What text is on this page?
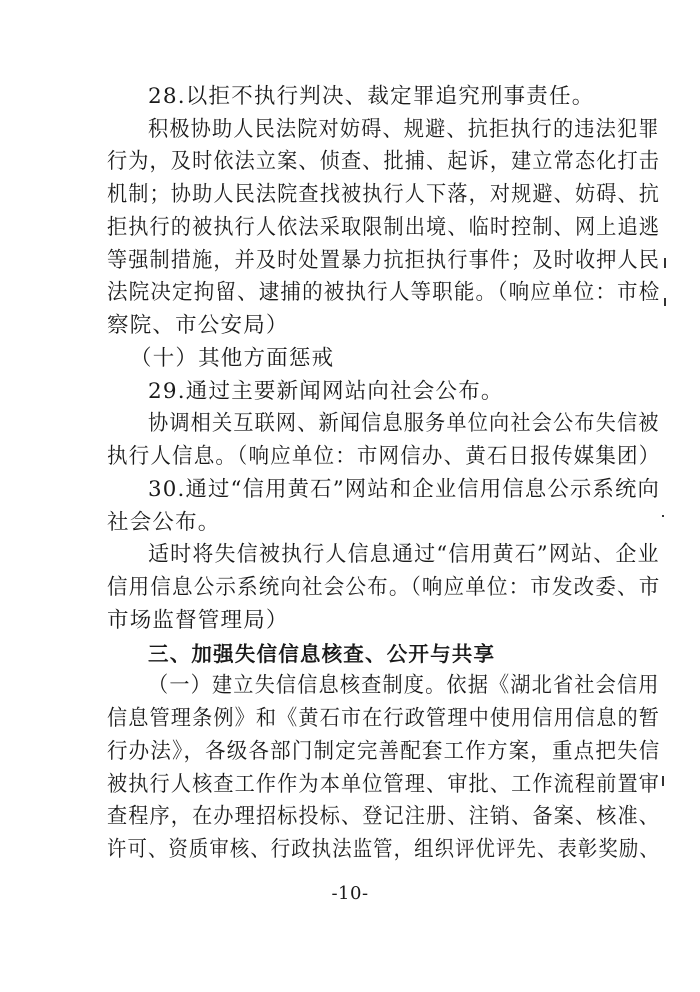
28.以拒不执行判决、裁定罪追究刑事责任。
积极协助人民法院对妨碍、规避、抗拒执行的违法犯罪
行为，及时依法立案、侦查、批捕、起诉，建立常态化打击
机制；协助人民法院查找被执行人下落，对规避、妨碍、抗
拒执行的被执行人依法采取限制出境、临时控制、网上追逃
等强制措施，并及时处置暴力抗拒执行事件；及时收押人民
法院决定拘留、逮捕的被执行人等职能。（响应单位：市检
察院、市公安局）
（十）其他方面惩戒
29.通过主要新闻网站向社会公布。
协调相关互联网、新闻信息服务单位向社会公布失信被
执行人信息。（响应单位：市网信办、黄石日报传媒集团）
30.通过“信用黄石”网站和企业信用信息公示系统向
社会公布。
适时将失信被执行人信息通过“信用黄石”网站、企业
信用信息公示系统向社会公布。（响应单位：市发改委、市
市场监督管理局）
三、加强失信信息核查、公开与共享
（一）建立失信信息核查制度。依据《湖北省社会信用
信息管理条例》和《黄石市在行政管理中使用信用信息的暂
行办法》，各级各部门制定完善配套工作方案，重点把失信
被执行人核查工作作为本单位管理、审批、工作流程前置审
查程序，在办理招标投标、登记注册、注销、备案、核准、
许可、资质审核、行政执法监管，组织评优评先、表彰奖励、
-10-
